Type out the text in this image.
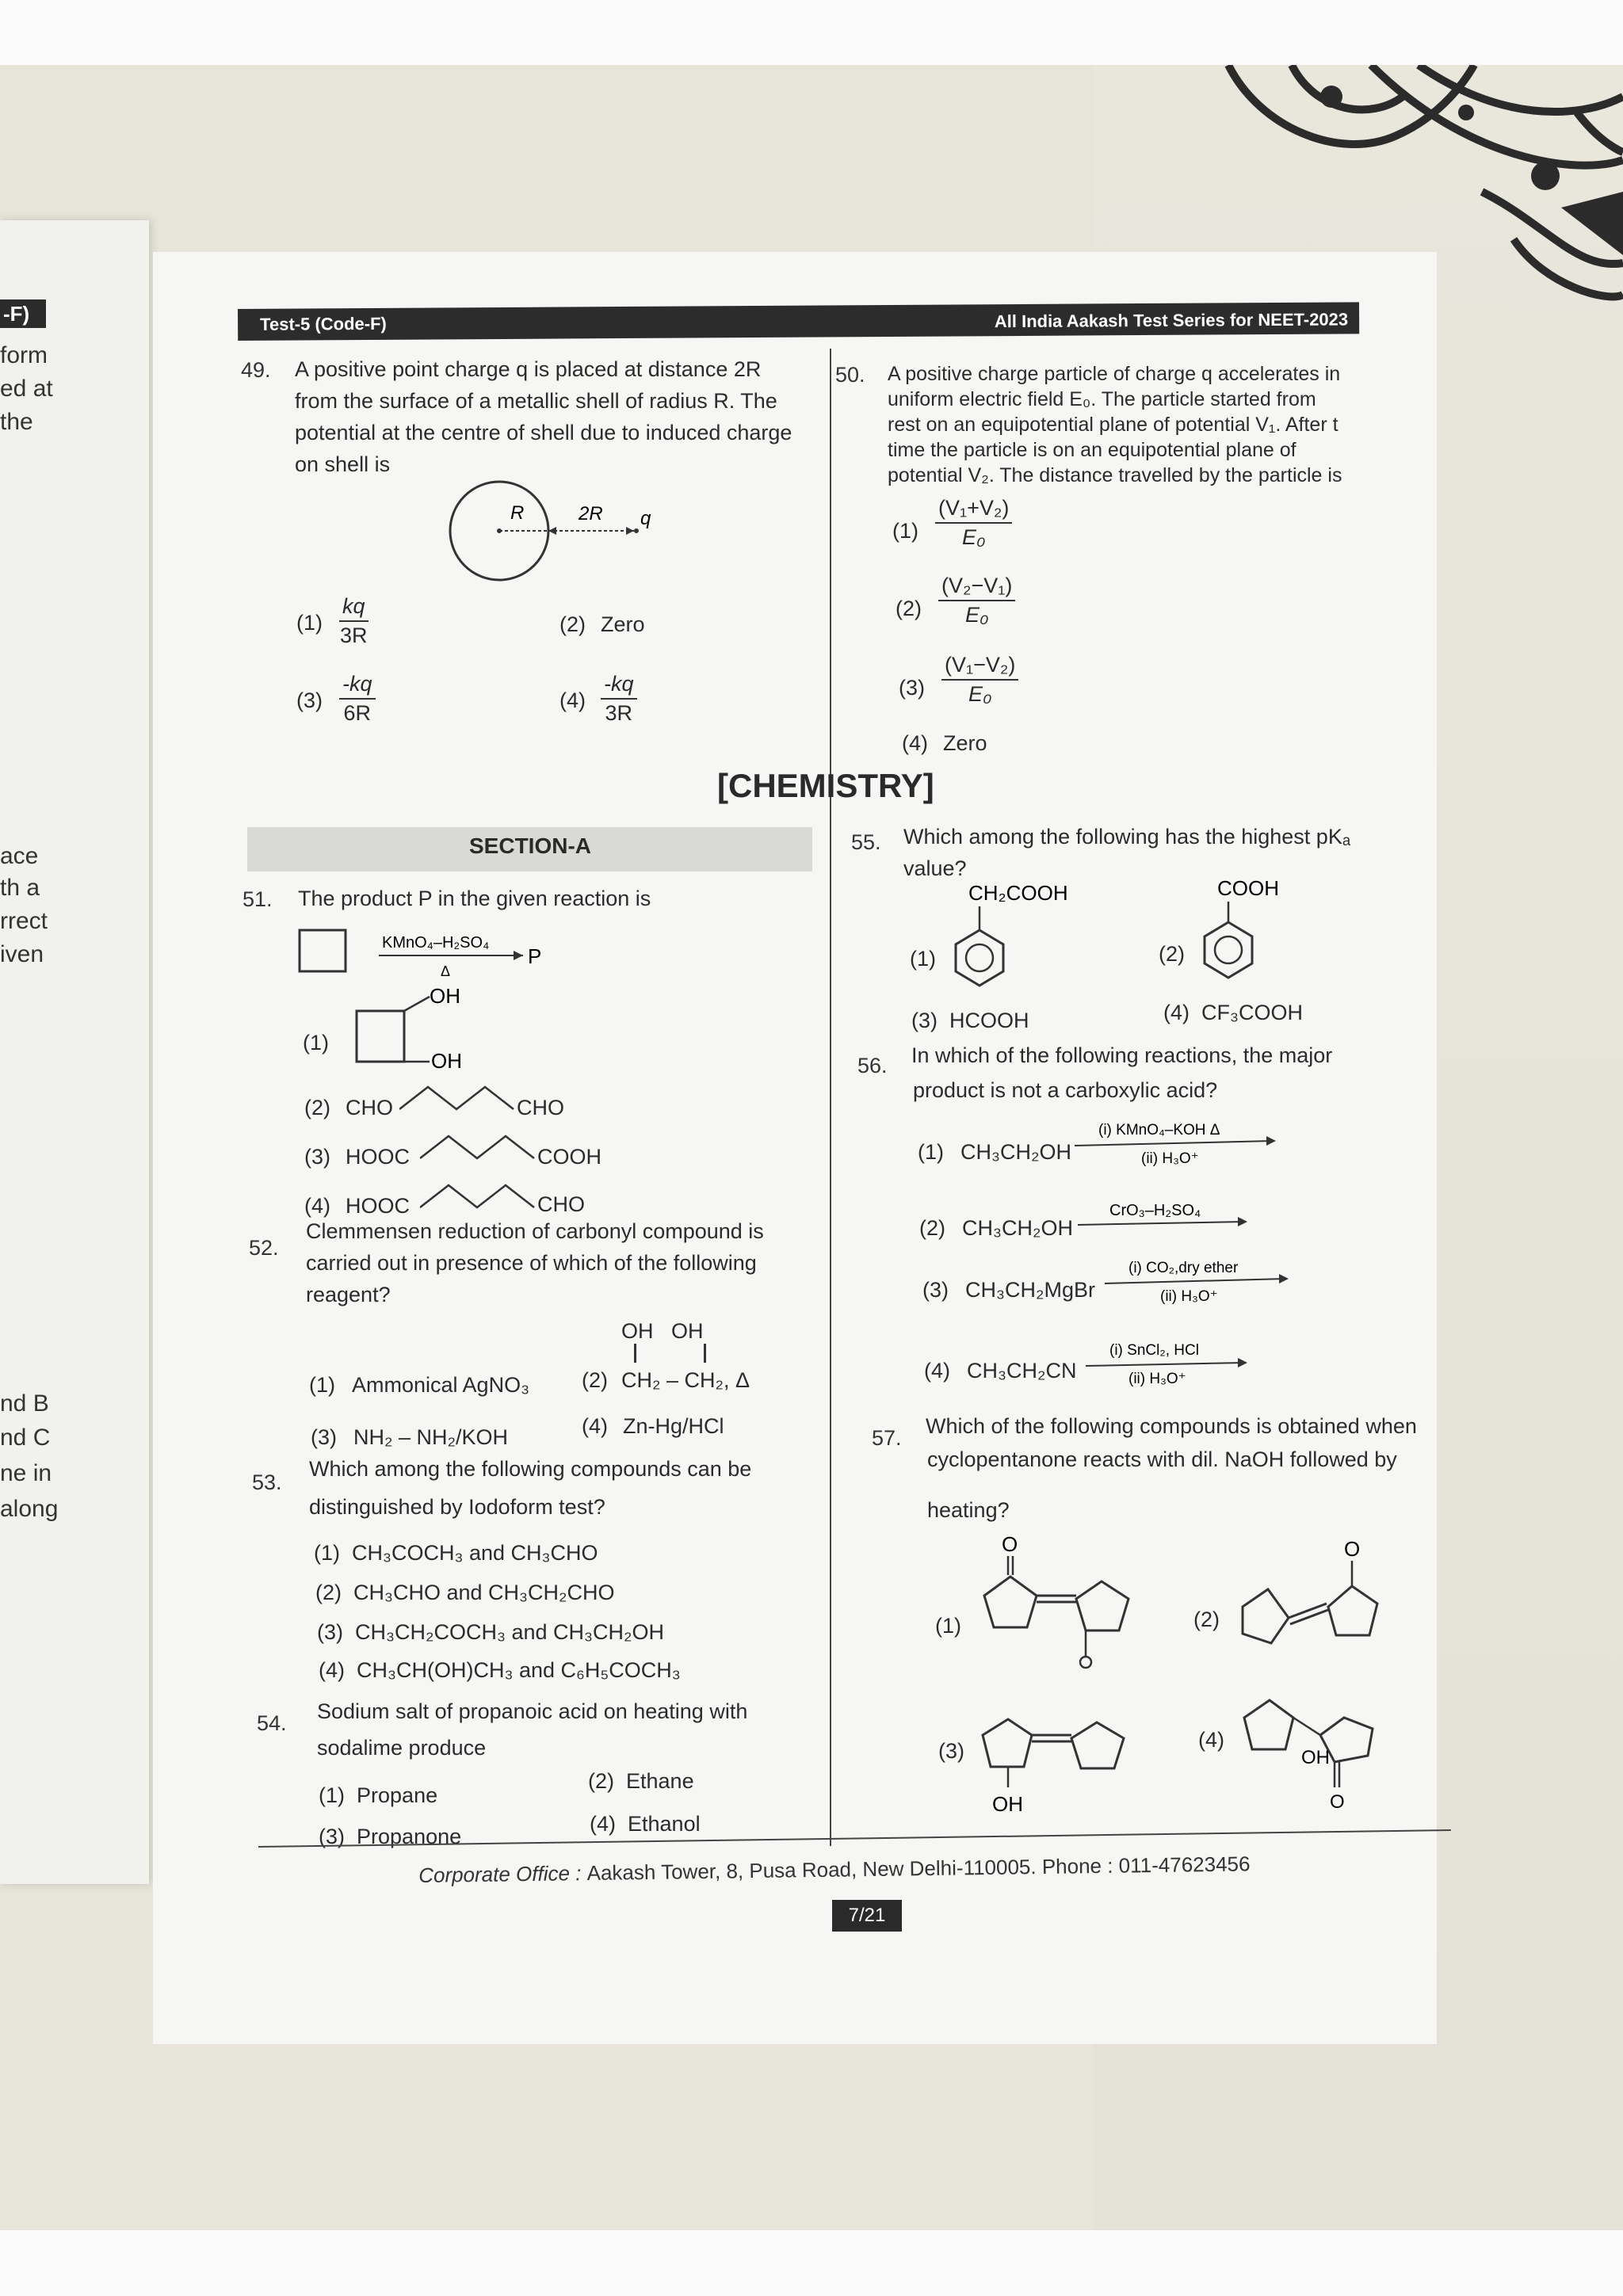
-F)
form
ed at
the
ace
th a
rrect
iven
nd B
nd C
ne in
along
Test-5 (Code-F)	All India Aakash Test Series for NEET-2023
49. A positive point charge q is placed at distance 2R
from the surface of a metallic shell of radius R. The
potential at the centre of shell due to induced charge
on shell is
R	2R q
$(1) \frac{kq}{3R}$	(2) Zero
$(3) \frac{-kq}{6R}$	$(4) \frac{-kq}{3R}$
50. A positive charge particle of charge q accelerates in
uniform electric field E₀. The particle started from
rest on an equipotential plane of potential V₁. After t
time the particle is on an equipotential plane of
potential V₂. The distance travelled by the particle is
$(1) \frac{\text{(V₁+V₂)}}{\text{E₀}}$
$(2) \frac{\text{(V₂−V₁)}}{\text{E₀}}$
$(3) \frac{\text{(V₁−V₂)}}{\text{E₀}}$
(4) Zero
[CHEMISTRY]
SECTION-A
51. The product P in the given reaction is
KMnO₄–H₂SO₄
Δ
P
(1)
OH
OH
(2) CHO	CHO
(3) HOOC	COOH
(4) HOOC	CHO
52.
Clemmensen reduction of carbonyl compound is
carried out in presence of which of the following
reagent?
(1) Ammonical AgNO₃ (2)
OH   OH
CH₂ – CH₂, Δ
(3) NH₂ – NH₂/KOH	(4) Zn-Hg/HCl
53.
Which among the following compounds can be
distinguished by Iodoform test?
(1) CH₃COCH₃ and CH₃CHO
(2) CH₃CHO and CH₃CH₂CHO
(3) CH₃CH₂COCH₃ and CH₃CH₂OH
(4) CH₃CH(OH)CH₃ and C₆H₅COCH₃
54. Sodium salt of propanoic acid on heating with
sodalime produce
(1) Propane
(2) Ethane
(3) Propanone
(4) Ethanol
55. Which among the following has the highest pKₐ
value?
(1)
CH₂COOH
(2)
COOH
(3) HCOOH	(4) CF₃COOH
56. In which of the following reactions, the major
product is not a carboxylic acid?
(1) CH₃CH₂OH
(i) KMnO₄–KOH Δ
(ii) H₃O⁺
(2) CH₃CH₂OH
CrO₃–H₂SO₄
(3) CH₃CH₂MgBr
(i) CO₂,dry ether
(ii) H₃O⁺
(4) CH₃CH₂CN
(i) SnCl₂, HCl
(ii) H₃O⁺
57. Which of the following compounds is obtained when
cyclopentanone reacts with dil. NaOH followed by
heating?
(1)
O
(2)
O
(3)
OH
(4)
OH
O
Corporate Office : Aakash Tower, 8, Pusa Road, New Delhi-110005. Phone : 011-47623456
7/21
